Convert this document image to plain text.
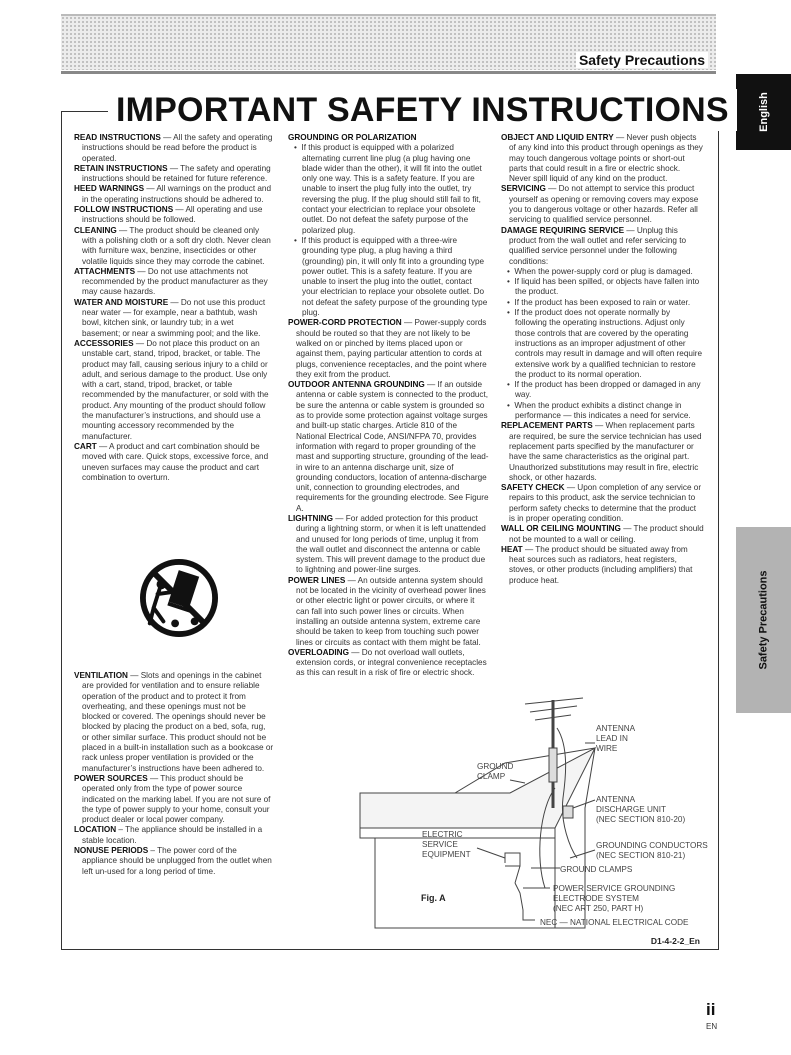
Safety Precautions
English
Safety Precautions
IMPORTANT SAFETY INSTRUCTIONS

READ INSTRUCTIONS — All the safety and operating instructions should be read before the product is operated.

RETAIN INSTRUCTIONS — The safety and operating instructions should be retained for future reference.

HEED WARNINGS — All warnings on the product and in the operating instructions should be adhered to.

FOLLOW INSTRUCTIONS — All operating and use instructions should be followed.

CLEANING — The product should be cleaned only with a polishing cloth or a soft dry cloth. Never clean with furniture wax, benzine, insecticides or other volatile liquids since they may corrode the cabinet.

ATTACHMENTS — Do not use attachments not recommended by the product manufacturer as they may cause hazards.

WATER AND MOISTURE — Do not use this product near water — for example, near a bathtub, wash bowl, kitchen sink, or laundry tub; in a wet basement; or near a swimming pool; and the like.

ACCESSORIES — Do not place this product on an unstable cart, stand, tripod, bracket, or table. The product may fall, causing serious injury to a child or adult, and serious damage to the product. Use only with a cart, stand, tripod, bracket, or table recommended by the manufacturer, or sold with the product. Any mounting of the product should follow the manufacturer’s instructions, and should use a mounting accessory recommended by the manufacturer.

CART — A product and cart combination should be moved with care. Quick stops, excessive force, and uneven surfaces may cause the product and cart combination to overturn.

VENTILATION — Slots and openings in the cabinet are provided for ventilation and to ensure reliable operation of the product and to protect it from overheating, and these openings must not be blocked or covered. The openings should never be blocked by placing the product on a bed, sofa, rug, or other similar surface. This product should not be placed in a built-in installation such as a bookcase or rack unless proper ventilation is provided or the manufacturer’s instructions have been adhered to.

POWER SOURCES — This product should be operated only from the type of power source indicated on the marking label. If you are not sure of the type of power supply to your home, consult your product dealer or local power company.

LOCATION – The appliance should be installed in a stable location.

NONUSE PERIODS – The power cord of the appliance should be unplugged from the outlet when left un-used for a long period of time.

GROUNDING OR POLARIZATION

•  If this product is equipped with a polarized alternating current line plug (a plug having one blade wider than the other), it will fit into the outlet only one way. This is a safety feature. If you are unable to insert the plug fully into the outlet, try reversing the plug. If the plug should still fail to fit, contact your electrician to replace your obsolete outlet. Do not defeat the safety purpose of the polarized plug.

•  If this product is equipped with a three-wire grounding type plug, a plug having a third (grounding) pin, it will only fit into a grounding type power outlet. This is a safety feature. If you are unable to insert the plug into the outlet, contact your electrician to replace your obsolete outlet. Do not defeat the safety purpose of the grounding type plug.

POWER-CORD PROTECTION — Power-supply cords should be routed so that they are not likely to be walked on or pinched by items placed upon or against them, paying particular attention to cords at plugs, convenience receptacles, and the point where they exit from the product.

OUTDOOR ANTENNA GROUNDING — If an outside antenna or cable system is connected to the product, be sure the antenna or cable system is grounded so as to provide some protection against voltage surges and built-up static charges. Article 810 of the National Electrical Code, ANSI/NFPA 70, provides information with regard to proper grounding of the mast and supporting structure, grounding of the lead-in wire to an antenna discharge unit, size of grounding conductors, location of antenna-discharge unit, connection to grounding electrodes, and requirements for the grounding electrode. See Figure A.

LIGHTNING — For added protection for this product during a lightning storm, or when it is left unattended and unused for long periods of time, unplug it from the wall outlet and disconnect the antenna or cable system. This will prevent damage to the product due to lightning and power-line surges.

POWER LINES — An outside antenna system should not be located in the vicinity of overhead power lines or other electric light or power circuits, or where it can fall into such power lines or circuits. When installing an outside antenna system, extreme care should be taken to keep from touching such power lines or circuits as contact with them might be fatal.

OVERLOADING — Do not overload wall outlets, extension cords, or integral convenience receptacles as this can result in a risk of fire or electric shock.

OBJECT AND LIQUID ENTRY — Never push objects of any kind into this product through openings as they may touch dangerous voltage points or short-out parts that could result in a fire or electric shock. Never spill liquid of any kind on the product.

SERVICING — Do not attempt to service this product yourself as opening or removing covers may expose you to dangerous voltage or other hazards. Refer all servicing to qualified service personnel.

DAMAGE REQUIRING SERVICE — Unplug this product from the wall outlet and refer servicing to qualified service personnel under the following conditions:

•  When the power-supply cord or plug is damaged.

•  If liquid has been spilled, or objects have fallen into the product.

•  If the product has been exposed to rain or water.

•  If the product does not operate normally by following the operating instructions. Adjust only those controls that are covered by the operating instructions as an improper adjustment of other controls may result in damage and will often require extensive work by a qualified technician to restore the product to its normal operation.

•  If the product has been dropped or damaged in any way.

•  When the product exhibits a distinct change in performance — this indicates a need for service.

REPLACEMENT PARTS — When replacement parts are required, be sure the service technician has used replacement parts specified by the manufacturer or have the same characteristics as the original part. Unauthorized substitutions may result in fire, electric shock, or other hazards.

SAFETY CHECK — Upon completion of any service or repairs to this product, ask the service technician to perform safety checks to determine that the product is in proper operating condition.

WALL OR CEILING MOUNTING — The product should not be mounted to a wall or ceiling.

HEAT — The product should be situated away from heat sources such as radiators, heat registers, stoves, or other products (including amplifiers) that produce heat.

Fig. A
ANTENNA
LEAD IN
WIRE
GROUND
CLAMP
ANTENNA
DISCHARGE UNIT
(NEC SECTION 810-20)
ELECTRIC
SERVICE
EQUIPMENT
GROUNDING CONDUCTORS
(NEC SECTION 810-21)
GROUND CLAMPS
POWER SERVICE GROUNDING
ELECTRODE SYSTEM
(NEC ART 250, PART H)
NEC — NATIONAL ELECTRICAL CODE
D1-4-2-2_En
ii
EN
